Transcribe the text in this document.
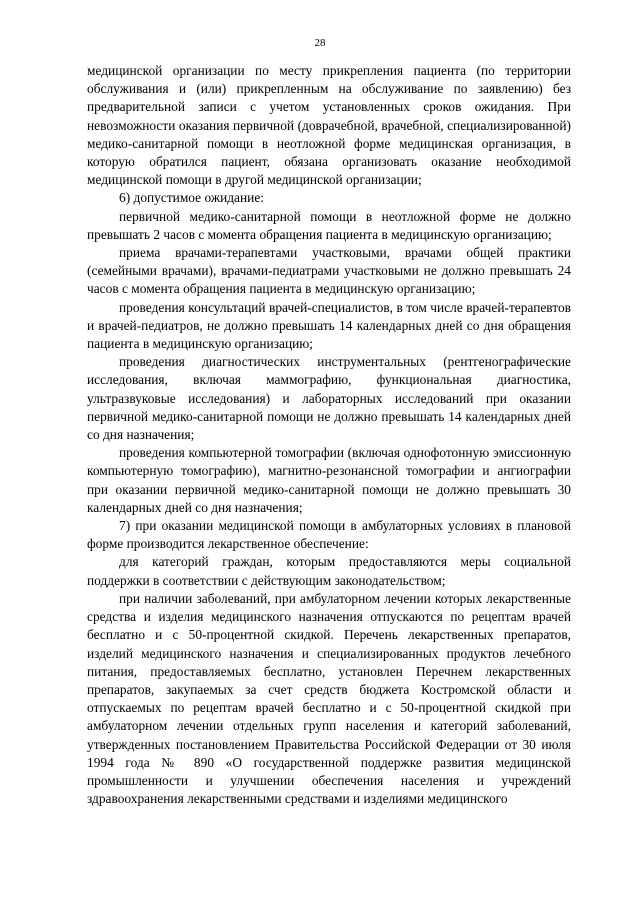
28

медицинской организации по месту прикрепления пациента (по территории обслуживания и (или) прикрепленным на обслуживание по заявлению) без предварительной записи с учетом установленных сроков ожидания. При невозможности оказания первичной (доврачебной, врачебной, специализированной) медико-санитарной помощи в неотложной форме медицинская организация, в которую обратился пациент, обязана организовать оказание необходимой медицинской помощи в другой медицинской организации;

6) допустимое ожидание:

первичной медико-санитарной помощи в неотложной форме не должно превышать 2 часов с момента обращения пациента в медицинскую организацию;

приема врачами-терапевтами участковыми, врачами общей практики (семейными врачами), врачами-педиатрами участковыми не должно превышать 24 часов с момента обращения пациента в медицинскую организацию;

проведения консультаций врачей-специалистов, в том числе врачей-терапевтов и врачей-педиатров, не должно превышать 14 календарных дней со дня обращения пациента в медицинскую организацию;

проведения диагностических инструментальных (рентгенографические исследования, включая маммографию, функциональная диагностика, ультразвуковые исследования) и лабораторных исследований при оказании первичной медико-санитарной помощи не должно превышать 14 календарных дней со дня назначения;

проведения компьютерной томографии (включая однофотонную эмиссионную компьютерную томографию), магнитно-резонансной томографии и ангиографии при оказании первичной медико-санитарной помощи не должно превышать 30 календарных дней со дня назначения;

7) при оказании медицинской помощи в амбулаторных условиях в плановой форме производится лекарственное обеспечение:

для категорий граждан, которым предоставляются меры социальной поддержки в соответствии с действующим законодательством;

при наличии заболеваний, при амбулаторном лечении которых лекарственные средства и изделия медицинского назначения отпускаются по рецептам врачей бесплатно и с 50-процентной скидкой. Перечень лекарственных препаратов, изделий медицинского назначения и специализированных продуктов лечебного питания, предоставляемых бесплатно, установлен Перечнем лекарственных препаратов, закупаемых за счет средств бюджета Костромской области и отпускаемых по рецептам врачей бесплатно и с 50-процентной скидкой при амбулаторном лечении отдельных групп населения и категорий заболеваний, утвержденных постановлением Правительства Российской Федерации от 30 июля 1994 года № 890 «О государственной поддержке развития медицинской промышленности и улучшении обеспечения населения и учреждений здравоохранения лекарственными средствами и изделиями медицинского
